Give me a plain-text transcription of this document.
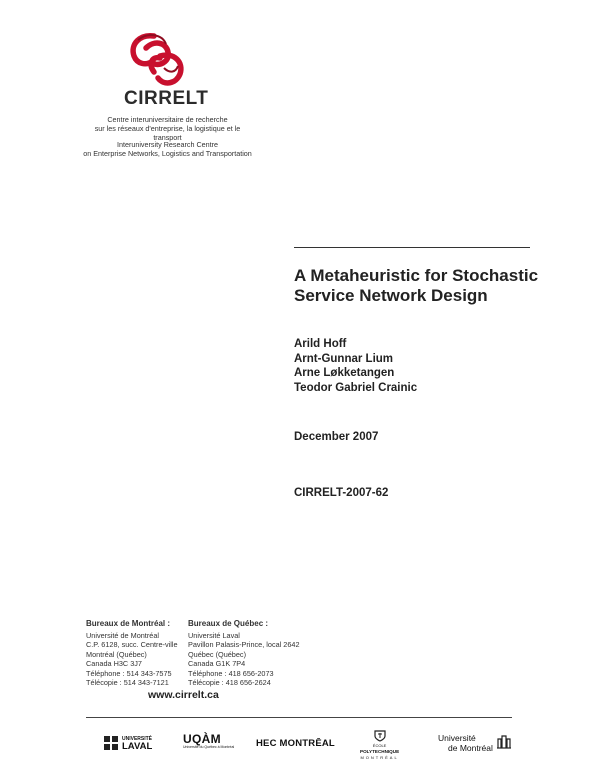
CIRRELT
Centre interuniversitaire de recherche
sur les réseaux d'entreprise, la logistique et le transport
Interuniversity Research Centre
on Enterprise Networks, Logistics and Transportation
A Metaheuristic for Stochastic
Service Network Design
Arild Hoff
Arnt-Gunnar Lium
Arne Løkketangen
Teodor Gabriel Crainic
December 2007
CIRRELT-2007-62
Bureaux de Montréal :
Université de Montréal
C.P. 6128, succ. Centre-ville
Montréal (Québec)
Canada H3C 3J7
Téléphone : 514 343-7575
Télécopie : 514 343-7121
Bureaux de Québec :
Université Laval
Pavillon Palasis-Prince, local 2642
Québec (Québec)
Canada G1K 7P4
Téléphone : 418 656-2073
Télécopie : 418 656-2624
www.cirrelt.ca
UNIVERSITÉ
LAVAL
UQÀM
Université du Québec à Montréal HEC MONTRĒAL	ÉCOLE
POLYTECHNIQUE
MONTRÉAL
Université
de Montréal
